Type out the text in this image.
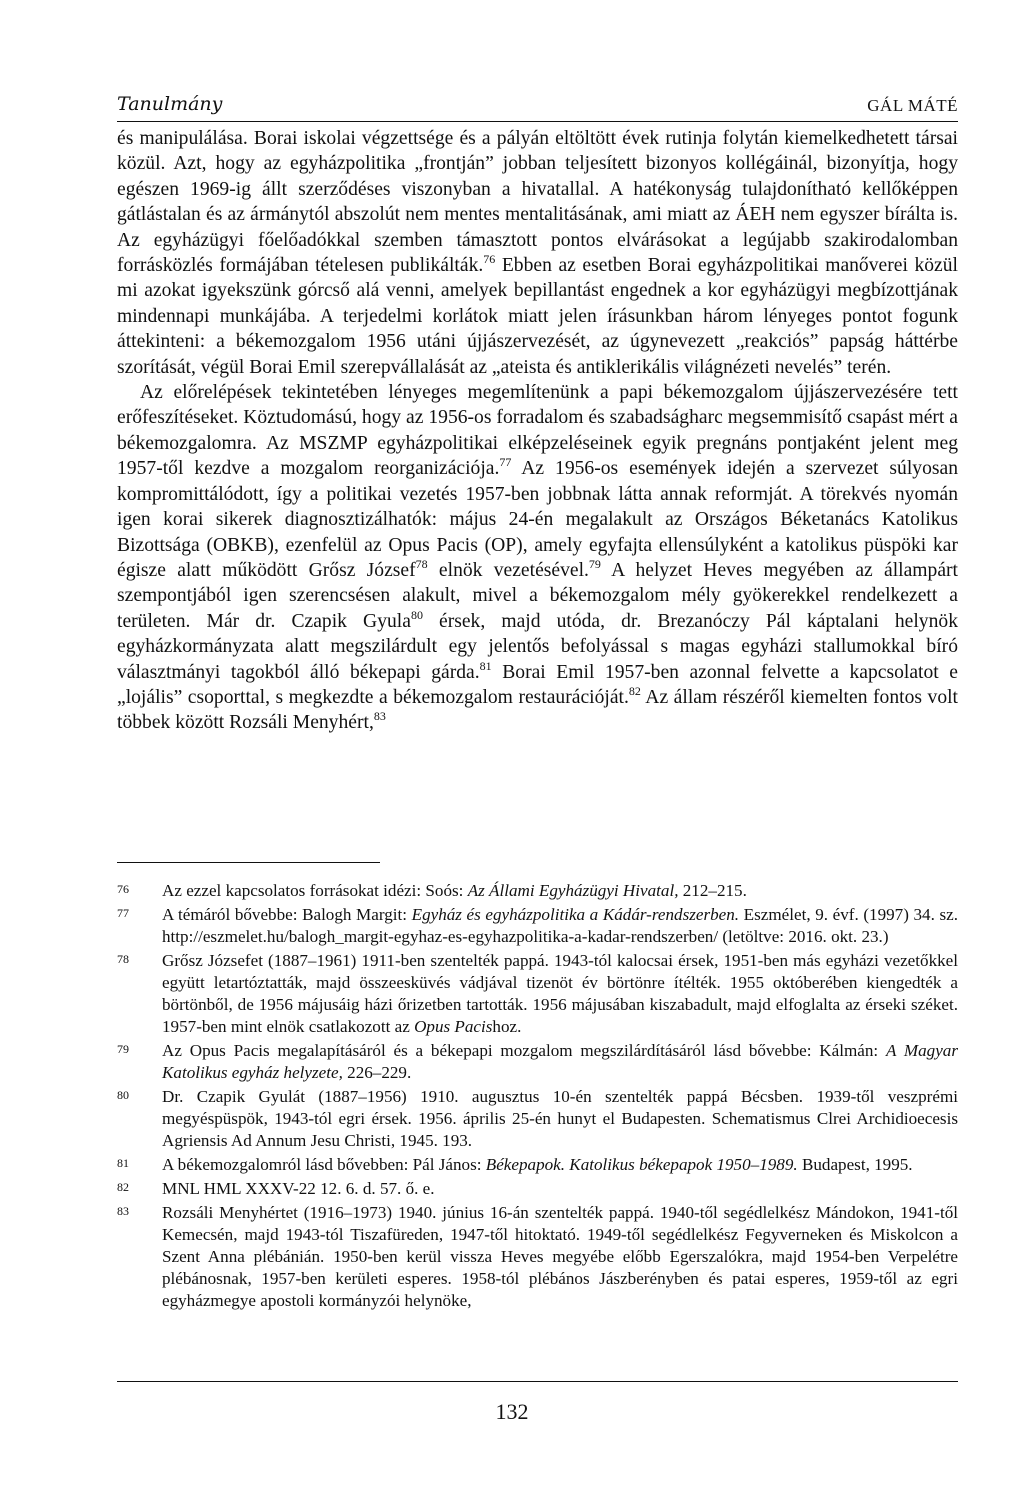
Tanulmány	GÁL MÁTÉ

és manipulálása. Borai iskolai végzettsége és a pályán eltöltött évek rutinja folytán kiemelkedhetett társai közül. Azt, hogy az egyházpolitika „frontján” jobban teljesített bizonyos kollégáinál, bizonyítja, hogy egészen 1969-ig állt szerződéses viszonyban a hivatallal. A hatékonyság tulajdonítható kellőképpen gátlástalan és az ármánytól abszolút nem mentes mentalitásának, ami miatt az ÁEH nem egyszer bírálta is. Az egyházügyi főelőadókkal szemben támasztott pontos elvárásokat a legújabb szakirodalomban forrásközlés formájában tételesen publikálták.$^{76}$ Ebben az esetben Borai egyházpolitikai manőverei közül mi azokat igyekszünk górcső alá venni, amelyek bepillantást engednek a kor egyházügyi megbízottjának mindennapi munkájába. A terjedelmi korlátok miatt jelen írásunkban három lényeges pontot fogunk áttekinteni: a békemozgalom 1956 utáni újjászervezését, az úgynevezett „reakciós” papság háttérbe szorítását, végül Borai Emil szerepvállalását az „ateista és antiklerikális világnézeti nevelés” terén.

Az előrelépések tekintetében lényeges megemlítenünk a papi békemozgalom újjászervezésére tett erőfeszítéseket. Köztudomású, hogy az 1956-os forradalom és szabadságharc megsemmisítő csapást mért a békemozgalomra. Az MSZMP egyházpolitikai elképzeléseinek egyik pregnáns pontjaként jelent meg 1957-től kezdve a mozgalom reorganizációja.$^{77}$ Az 1956-os események idején a szervezet súlyosan kompromittálódott, így a politikai vezetés 1957-ben jobbnak látta annak reformját. A törekvés nyomán igen korai sikerek diagnosztizálhatók: május 24-én megalakult az Országos Béketanács Katolikus Bizottsága (OBKB), ezenfelül az Opus Pacis (OP), amely egyfajta ellensúlyként a katolikus püspöki kar égisze alatt működött Grősz József$^{78}$ elnök vezetésével.$^{79}$ A helyzet Heves megyében az állampárt szempontjából igen szerencsésen alakult, mivel a békemozgalom mély gyökerekkel rendelkezett a területen. Már dr. Czapik Gyula$^{80}$ érsek, majd utóda, dr. Brezanóczy Pál káptalani helynök egyházkormányzata alatt megszilárdult egy jelentős befolyással s magas egyházi stallumokkal bíró választmányi tagokból álló békepapi gárda.$^{81}$ Borai Emil 1957-ben azonnal felvette a kapcsolatot e „lojális” csoporttal, s megkezdte a békemozgalom restaurációját.$^{82}$ Az állam részéről kiemelten fontos volt többek között Rozsáli Menyhért,$^{83}$

76 Az ezzel kapcsolatos forrásokat idézi: Soós: Az Állami Egyházügyi Hivatal, 212–215.
77 A témáról bővebbe: Balogh Margit: Egyház és egyházpolitika a Kádár-rendszerben. Eszmélet, 9. évf. (1997) 34. sz. http://eszmelet.hu/balogh_margit-egyhaz-es-egyhazpolitika-a-kadar-rendszerben/ (letöltve: 2016. okt. 23.)
78 Grősz Józsefet (1887–1961) 1911-ben szentelték pappá. 1943-tól kalocsai érsek, 1951-ben más egyházi vezetőkkel együtt letartóztatták, majd összeesküvés vádjával tizenöt év börtönre ítélték. 1955 októberében kiengedték a börtönből, de 1956 májusáig házi őrizetben tartották. 1956 májusában kiszabadult, majd elfoglalta az érseki széket. 1957-ben mint elnök csatlakozott az Opus Pacishoz.
79 Az Opus Pacis megalapításáról és a békepapi mozgalom megszilárdításáról lásd bővebbe: Kálmán: A Magyar Katolikus egyház helyzete, 226–229.
80 Dr. Czapik Gyulát (1887–1956) 1910. augusztus 10-én szentelték pappá Bécsben. 1939-től veszprémi megyéspüspök, 1943-tól egri érsek. 1956. április 25-én hunyt el Budapesten. Schematismus Clrei Archidioecesis Agriensis Ad Annum Jesu Christi, 1945. 193.
81 A békemozgalomról lásd bővebben: Pál János: Békepapok. Katolikus békepapok 1950–1989. Budapest, 1995.
82 MNL HML XXXV-22 12. 6. d. 57. ő. e.
83 Rozsáli Menyhértet (1916–1973) 1940. június 16-án szentelték pappá. 1940-től segédlelkész Mándokon, 1941-től Kemecsén, majd 1943-tól Tiszafüreden, 1947-től hitoktató. 1949-től segédlelkész Fegyverneken és Miskolcon a Szent Anna plébánián. 1950-ben kerül vissza Heves megyébe előbb Egerszalókra, majd 1954-ben Verpelétre plébánosnak, 1957-ben kerületi esperes. 1958-tól plébános Jászberényben és patai esperes, 1959-től az egri egyházmegye apostoli kormányzói helynöke,
132
